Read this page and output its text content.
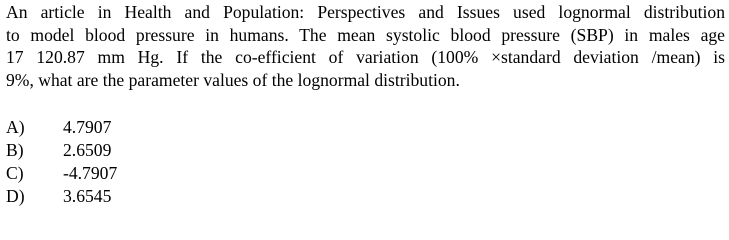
An article in Health and Population: Perspectives and Issues used lognormal distribution
to model blood pressure in humans. The mean systolic blood pressure (SBP) in males age
17 120.87 mm Hg. If the co-efficient of variation (100% ×standard deviation /mean) is
9%, what are the parameter values of the lognormal distribution.
A)	4.7907
B)	2.6509
C)	-4.7907
D)	3.6545
